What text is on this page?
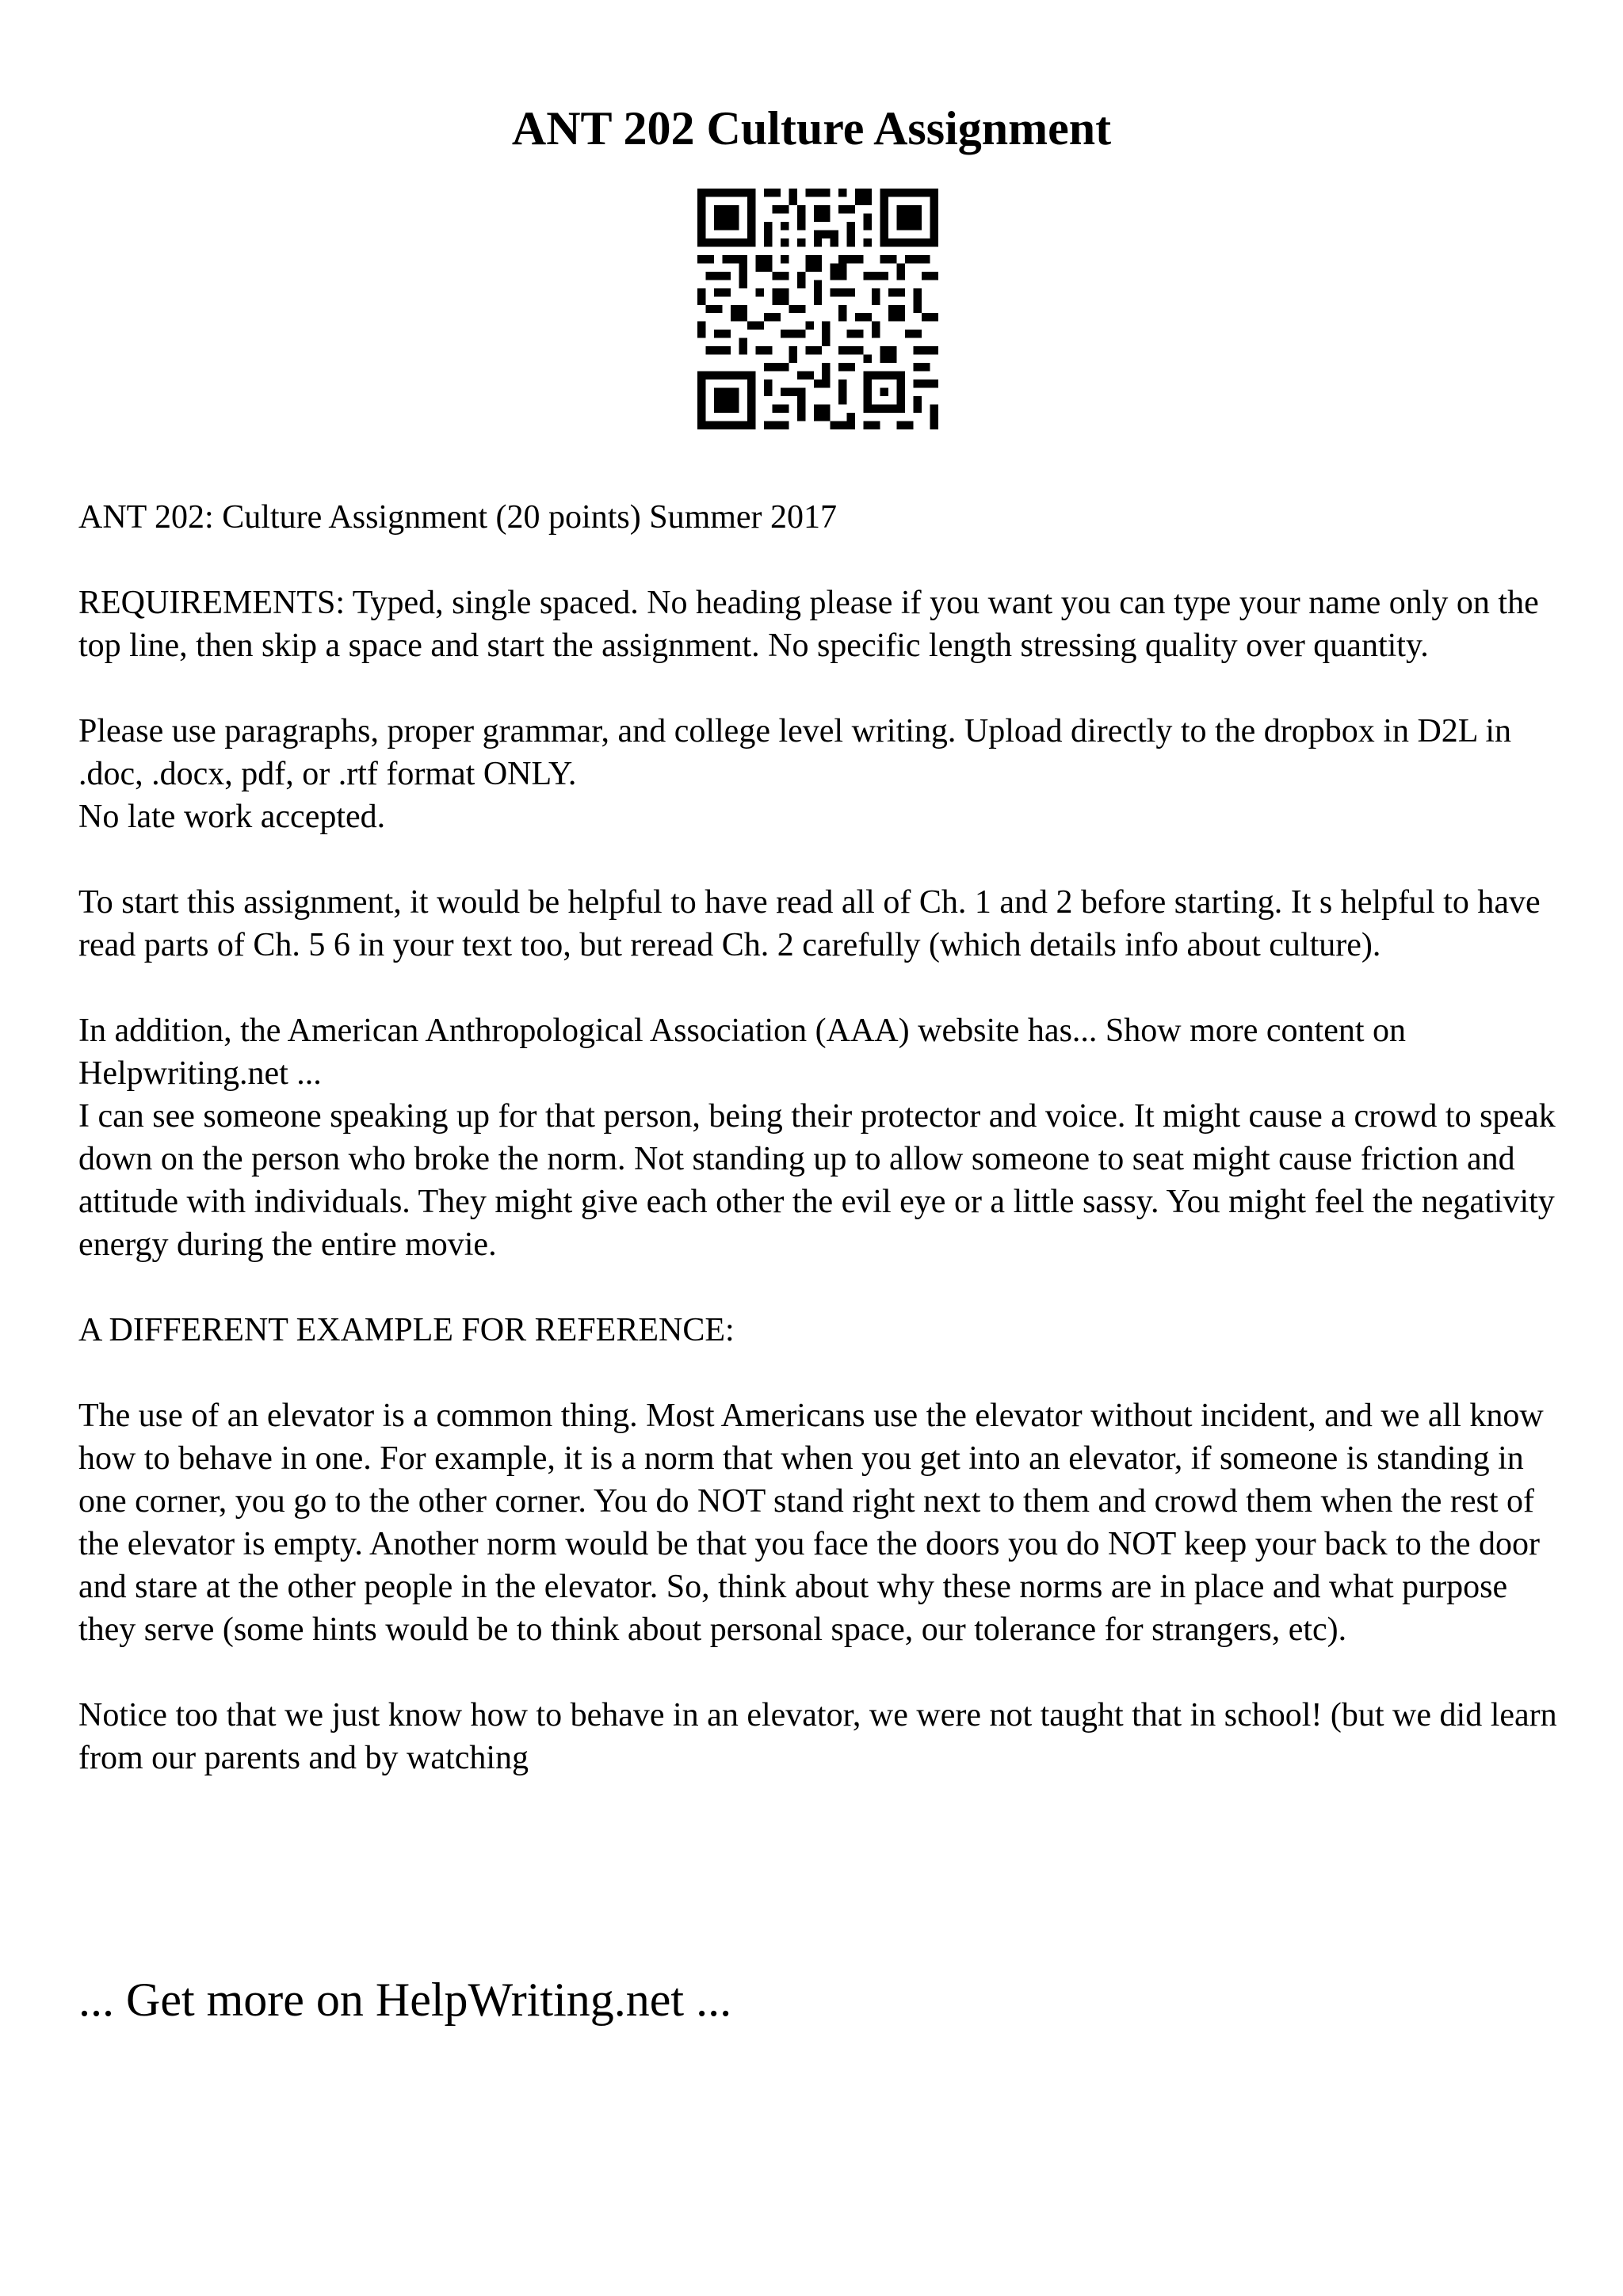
ANT 202 Culture Assignment

ANT 202: Culture Assignment (20 points) Summer 2017

REQUIREMENTS: Typed, single spaced. No heading please if you want you can type your name only on the top line, then skip a space and start the assignment. No specific length stressing quality over quantity.

Please use paragraphs, proper grammar, and college level writing. Upload directly to the dropbox in D2L in .doc, .docx, pdf, or .rtf format ONLY.

No late work accepted.

To start this assignment, it would be helpful to have read all of Ch. 1 and 2 before starting. It s helpful to have read parts of Ch. 5 6 in your text too, but reread Ch. 2 carefully (which details info about culture).

In addition, the American Anthropological Association (AAA) website has... Show more content on Helpwriting.net ...

I can see someone speaking up for that person, being their protector and voice. It might cause a crowd to speak down on the person who broke the norm. Not standing up to allow someone to seat might cause friction and attitude with individuals. They might give each other the evil eye or a little sassy. You might feel the negativity energy during the entire movie.

A DIFFERENT EXAMPLE FOR REFERENCE:

The use of an elevator is a common thing. Most Americans use the elevator without incident, and we all know how to behave in one. For example, it is a norm that when you get into an elevator, if someone is standing in one corner, you go to the other corner. You do NOT stand right next to them and crowd them when the rest of the elevator is empty. Another norm would be that you face the doors you do NOT keep your back to the door and stare at the other people in the elevator. So, think about why these norms are in place and what purpose they serve (some hints would be to think about personal space, our tolerance for strangers, etc).

Notice too that we just know how to behave in an elevator, we were not taught that in school! (but we did learn from our parents and by watching

... Get more on HelpWriting.net ...
